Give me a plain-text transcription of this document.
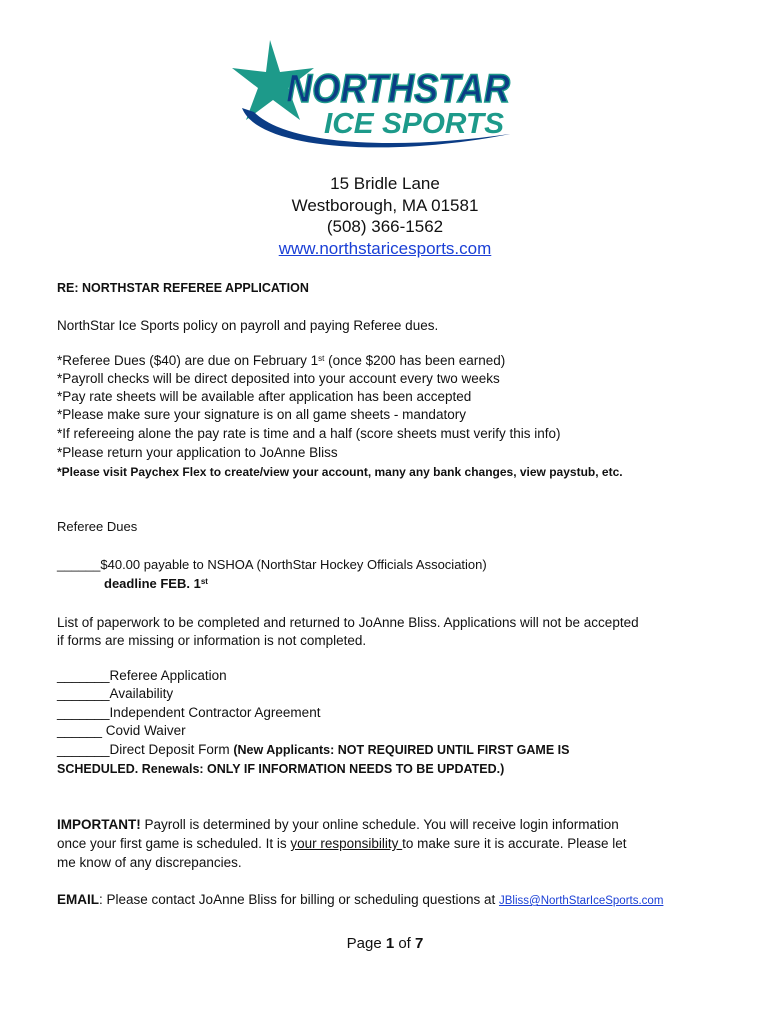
NORTHSTAR
ICE SPORTS
15 Bridle Lane
Westborough, MA 01581
(508) 366-1562
www.northstaricesports.com
RE: NORTHSTAR REFEREE APPLICATION
NorthStar Ice Sports policy on payroll and paying Referee dues.
*Referee Dues ($40) are due on February 1st (once $200 has been earned)
*Payroll checks will be direct deposited into your account every two weeks
*Pay rate sheets will be available after application has been accepted
*Please make sure your signature is on all game sheets - mandatory
*If refereeing alone the pay rate is time and a half (score sheets must verify this info)
*Please return your application to JoAnne Bliss
*Please visit Paychex Flex to create/view your account, many any bank changes, view paystub, etc.
Referee Dues
______$40.00 payable to NSHOA (NorthStar Hockey Officials Association)
deadline FEB. 1st
List of paperwork to be completed and returned to JoAnne Bliss. Applications will not be accepted
if forms are missing or information is not completed.
_______Referee Application
_______Availability
_______Independent Contractor Agreement
______ Covid Waiver
_______Direct Deposit Form (New Applicants: NOT REQUIRED UNTIL FIRST GAME IS
SCHEDULED. Renewals: ONLY IF INFORMATION NEEDS TO BE UPDATED.)
IMPORTANT! Payroll is determined by your online schedule. You will receive login information
once your first game is scheduled. It is your responsibility to make sure it is accurate. Please let
me know of any discrepancies.
EMAIL: Please contact JoAnne Bliss for billing or scheduling questions at JBliss@NorthStarIceSports.com
Page 1 of 7
